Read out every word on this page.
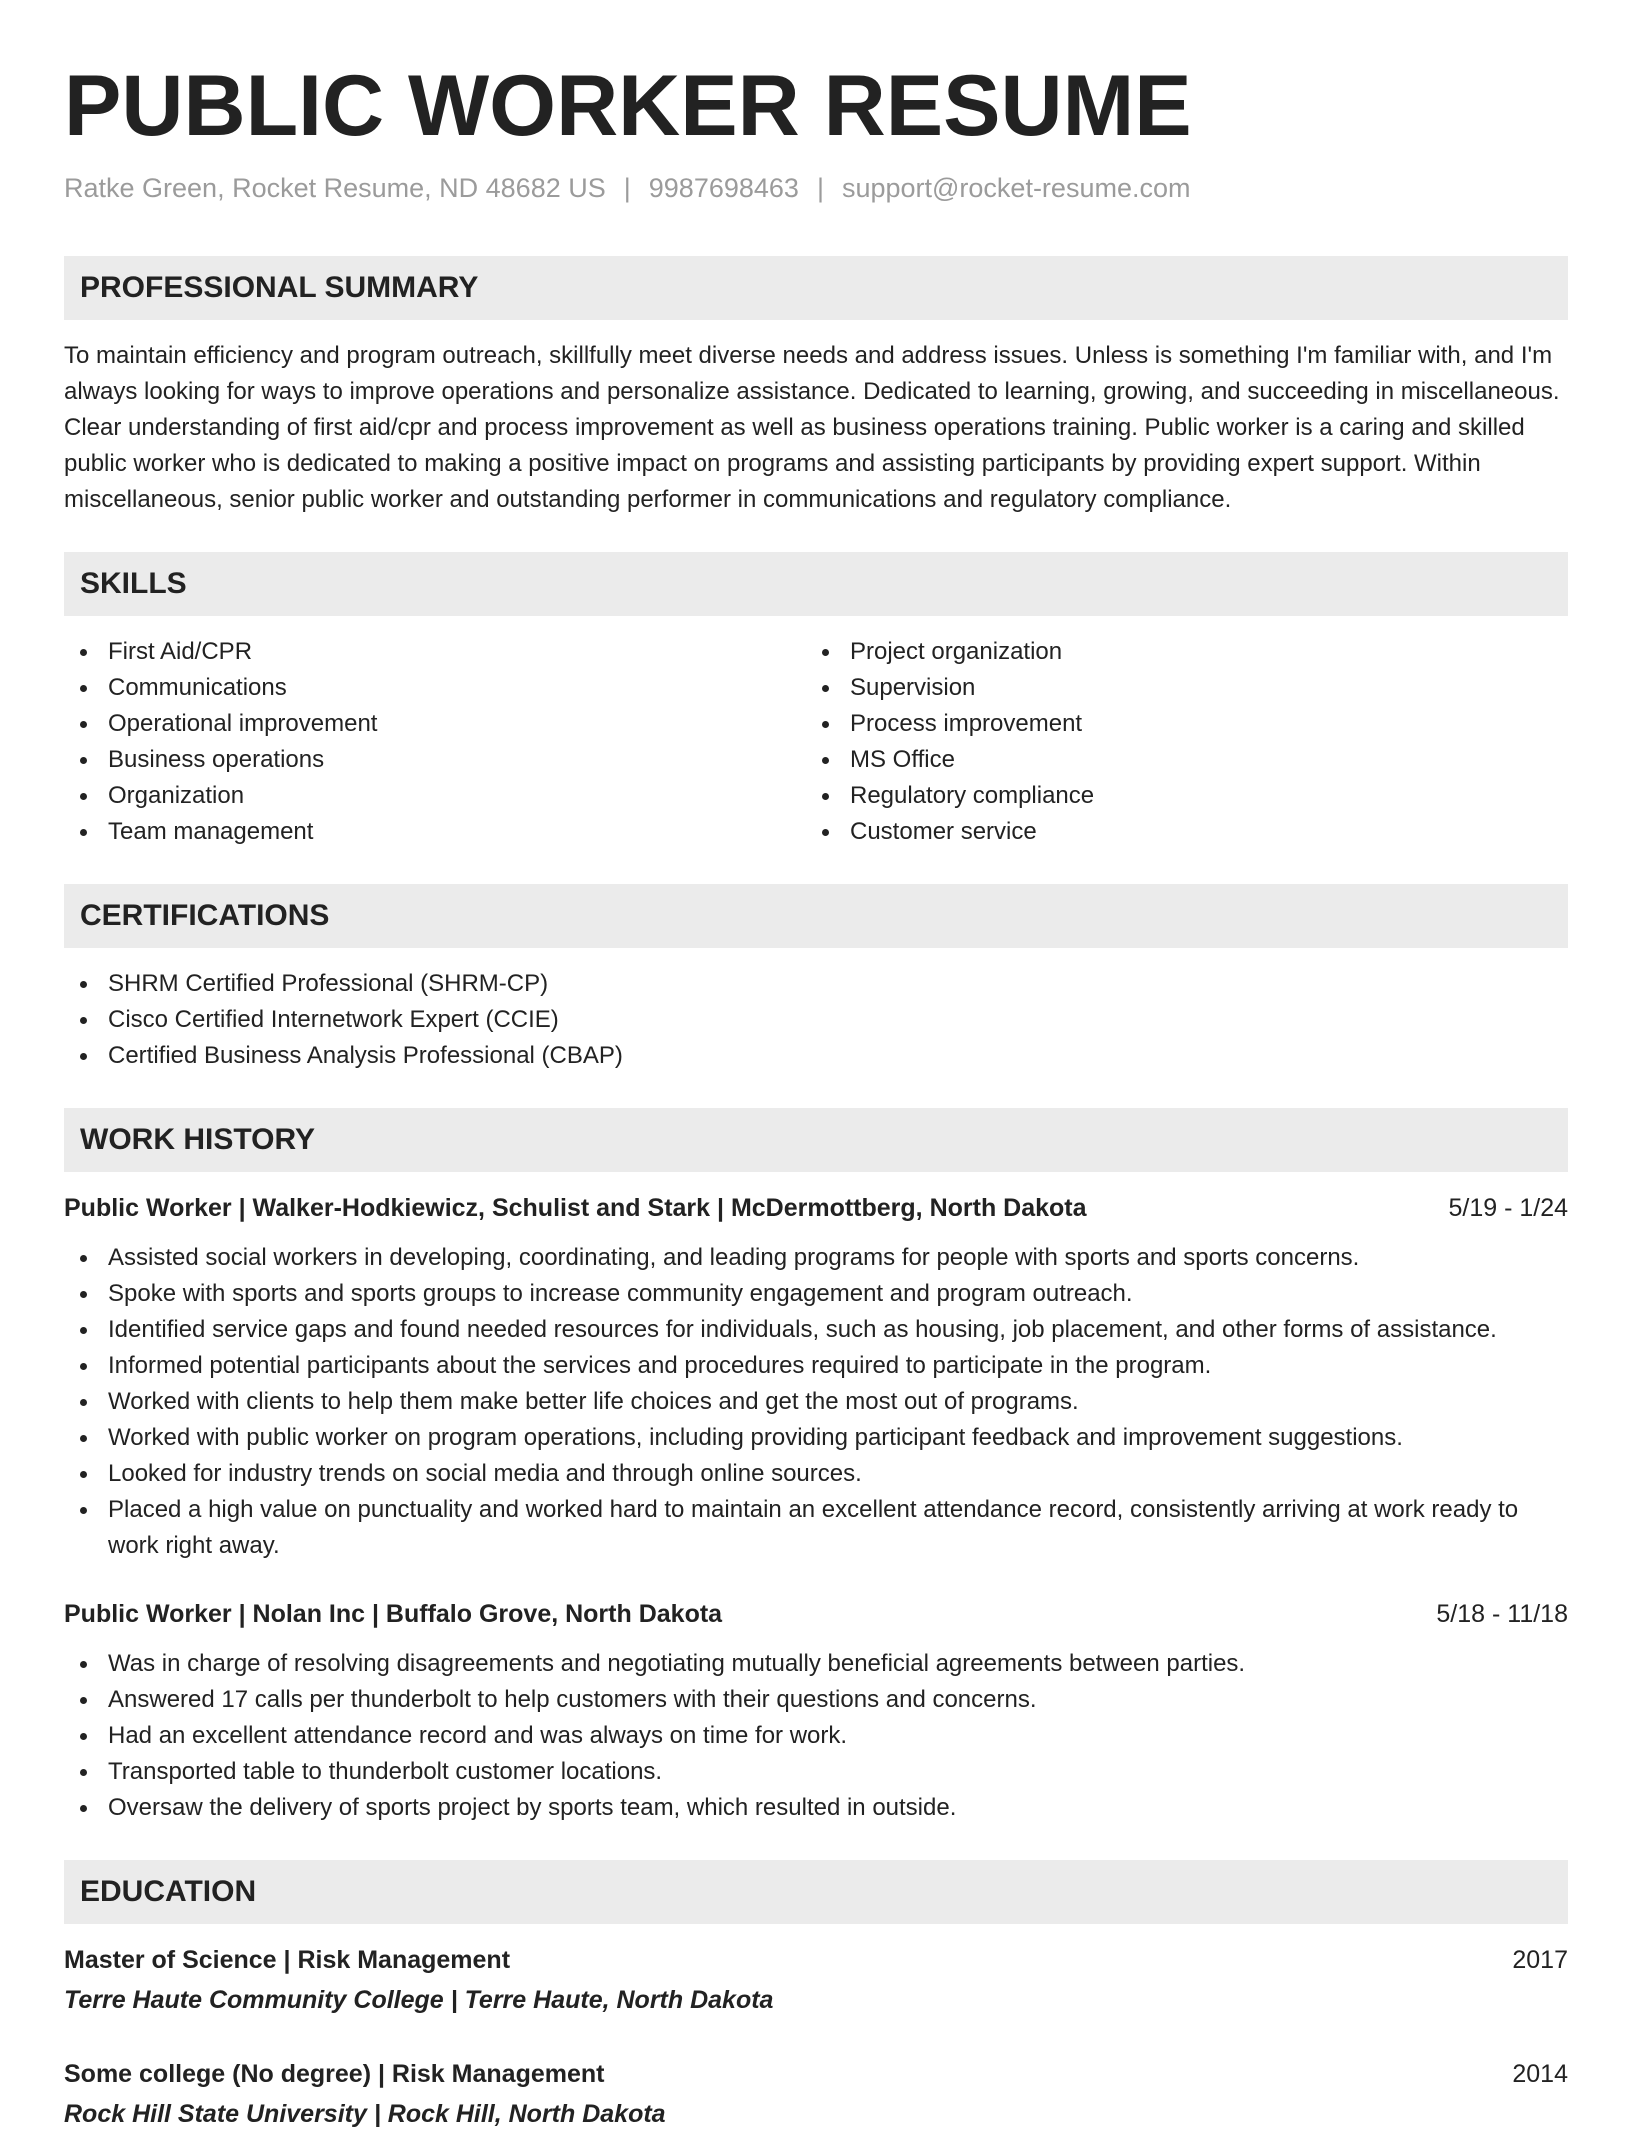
PUBLIC WORKER RESUME
Ratke Green, Rocket Resume, ND 48682 US | 9987698463 | support@rocket-resume.com
PROFESSIONAL SUMMARY

To maintain efficiency and program outreach, skillfully meet diverse needs and address issues. Unless is something I'm familiar with, and I'm always looking for ways to improve operations and personalize assistance. Dedicated to learning, growing, and succeeding in miscellaneous. Clear understanding of first aid/cpr and process improvement as well as business operations training. Public worker is a caring and skilled public worker who is dedicated to making a positive impact on programs and assisting participants by providing expert support. Within miscellaneous, senior public worker and outstanding performer in communications and regulatory compliance.

SKILLS
First Aid/CPR
Communications
Operational improvement
Business operations
Organization
Team management
Project organization
Supervision
Process improvement
MS Office
Regulatory compliance
Customer service
CERTIFICATIONS
SHRM Certified Professional (SHRM-CP)
Cisco Certified Internetwork Expert (CCIE)
Certified Business Analysis Professional (CBAP)
WORK HISTORY
Public Worker | Walker-Hodkiewicz, Schulist and Stark | McDermottberg, North Dakota	5/19 - 1/24
Assisted social workers in developing, coordinating, and leading programs for people with sports and sports concerns.
Spoke with sports and sports groups to increase community engagement and program outreach.
Identified service gaps and found needed resources for individuals, such as housing, job placement, and other forms of assistance.
Informed potential participants about the services and procedures required to participate in the program.
Worked with clients to help them make better life choices and get the most out of programs.
Worked with public worker on program operations, including providing participant feedback and improvement suggestions.
Looked for industry trends on social media and through online sources.
Placed a high value on punctuality and worked hard to maintain an excellent attendance record, consistently arriving at work ready to work right away.
Public Worker | Nolan Inc | Buffalo Grove, North Dakota	5/18 - 11/18
Was in charge of resolving disagreements and negotiating mutually beneficial agreements between parties.
Answered 17 calls per thunderbolt to help customers with their questions and concerns.
Had an excellent attendance record and was always on time for work.
Transported table to thunderbolt customer locations.
Oversaw the delivery of sports project by sports team, which resulted in outside.
EDUCATION
Master of Science | Risk Management	2017
Terre Haute Community College | Terre Haute, North Dakota
Some college (No degree) | Risk Management	2014
Rock Hill State University | Rock Hill, North Dakota
